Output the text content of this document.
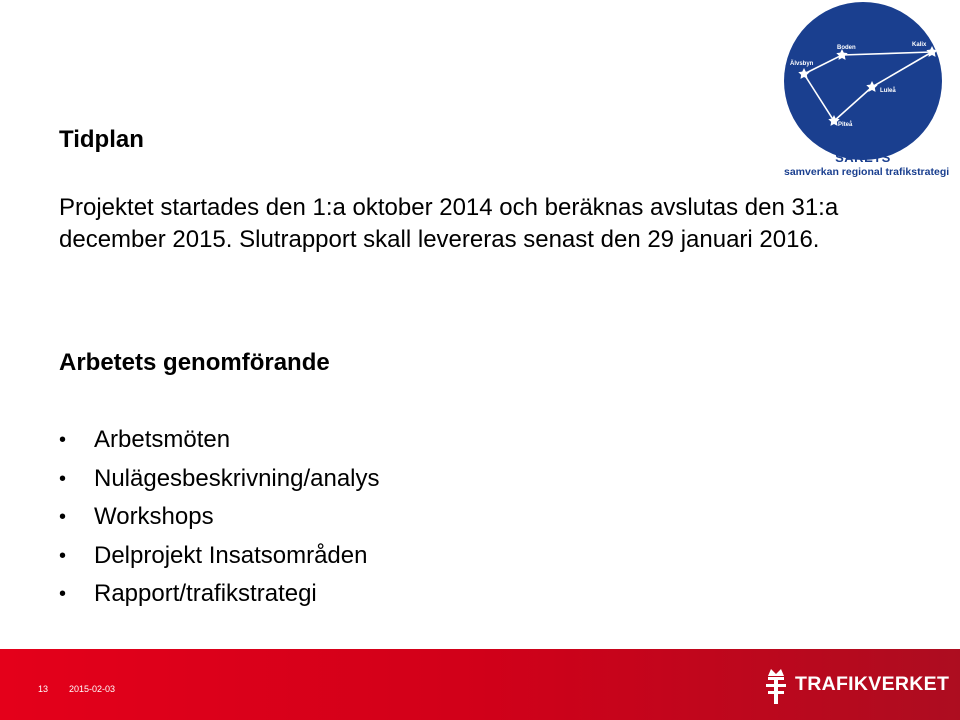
Tidplan

Projektet startades den 1:a oktober 2014 och beräknas avslutas den 31:a december 2015. Slutrapport skall levereras senast den 29 januari 2016.

Arbetets genomförande
• Arbetsmöten
• Nulägesbeskrivning/analys
• Workshops
• Delprojekt Insatsområden
• Rapport/trafikstrategi
Boden	Kalix
Älvsbyn
Luleå
Piteå
SARETS
samverkan regional trafikstrategi
13 2015-02-03	TRAFIKVERKET
